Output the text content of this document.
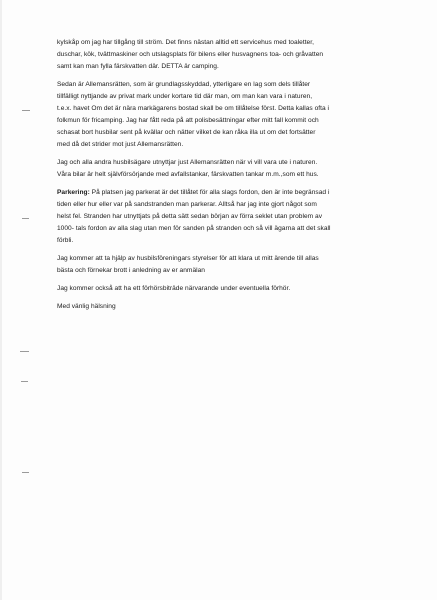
kylskåp om jag har tillgång till ström. Det finns nästan alltid ett servicehus med toaletter,
duschar, kök, tvättmaskiner och utslagsplats för bilens eller husvagnens toa- och gråvatten
samt kan man fylla färskvatten där. DETTA är camping.

Sedan är Allemansrätten, som är grundlagsskyddad, ytterligare en lag som dels tillåter
tillfälligt nyttjande av privat mark under kortare tid där man, om man kan vara i naturen,
t.e.x. havet Om det är nära markägarens bostad skall be om tillåtelse först. Detta kallas ofta i
folkmun för fricamping. Jag har fått reda på att polisbesättningar efter mitt fall kommit och
schasat bort husbilar sent på kvällar och nätter vilket de kan råka illa ut om det fortsätter
med då det strider mot just Allemansrätten.

Jag och alla andra husbilsägare utnyttjar just Allemansrätten när vi vill vara ute i naturen.
Våra bilar är helt självförsörjande med avfallstankar, färskvatten tankar m.m.,som ett hus.

Parkering: På platsen jag parkerat är det tillåtet för alla slags fordon, den är inte begränsad i
tiden eller hur eller var på sandstranden man parkerar. Alltså har jag inte gjort något som
helst fel. Stranden har utnyttjats på detta sätt sedan början av förra seklet utan problem av
1000- tals fordon av alla slag utan men för sanden på stranden och så vill ägarna att det skall
förbli.

Jag kommer att ta hjälp av husbilsföreningars styrelser för att klara ut mitt ärende till allas
bästa och förnekar brott i anledning av er anmälan

Jag kommer också att ha ett förhörsbiträde närvarande under eventuella förhör.

Med vänlig hälsning
